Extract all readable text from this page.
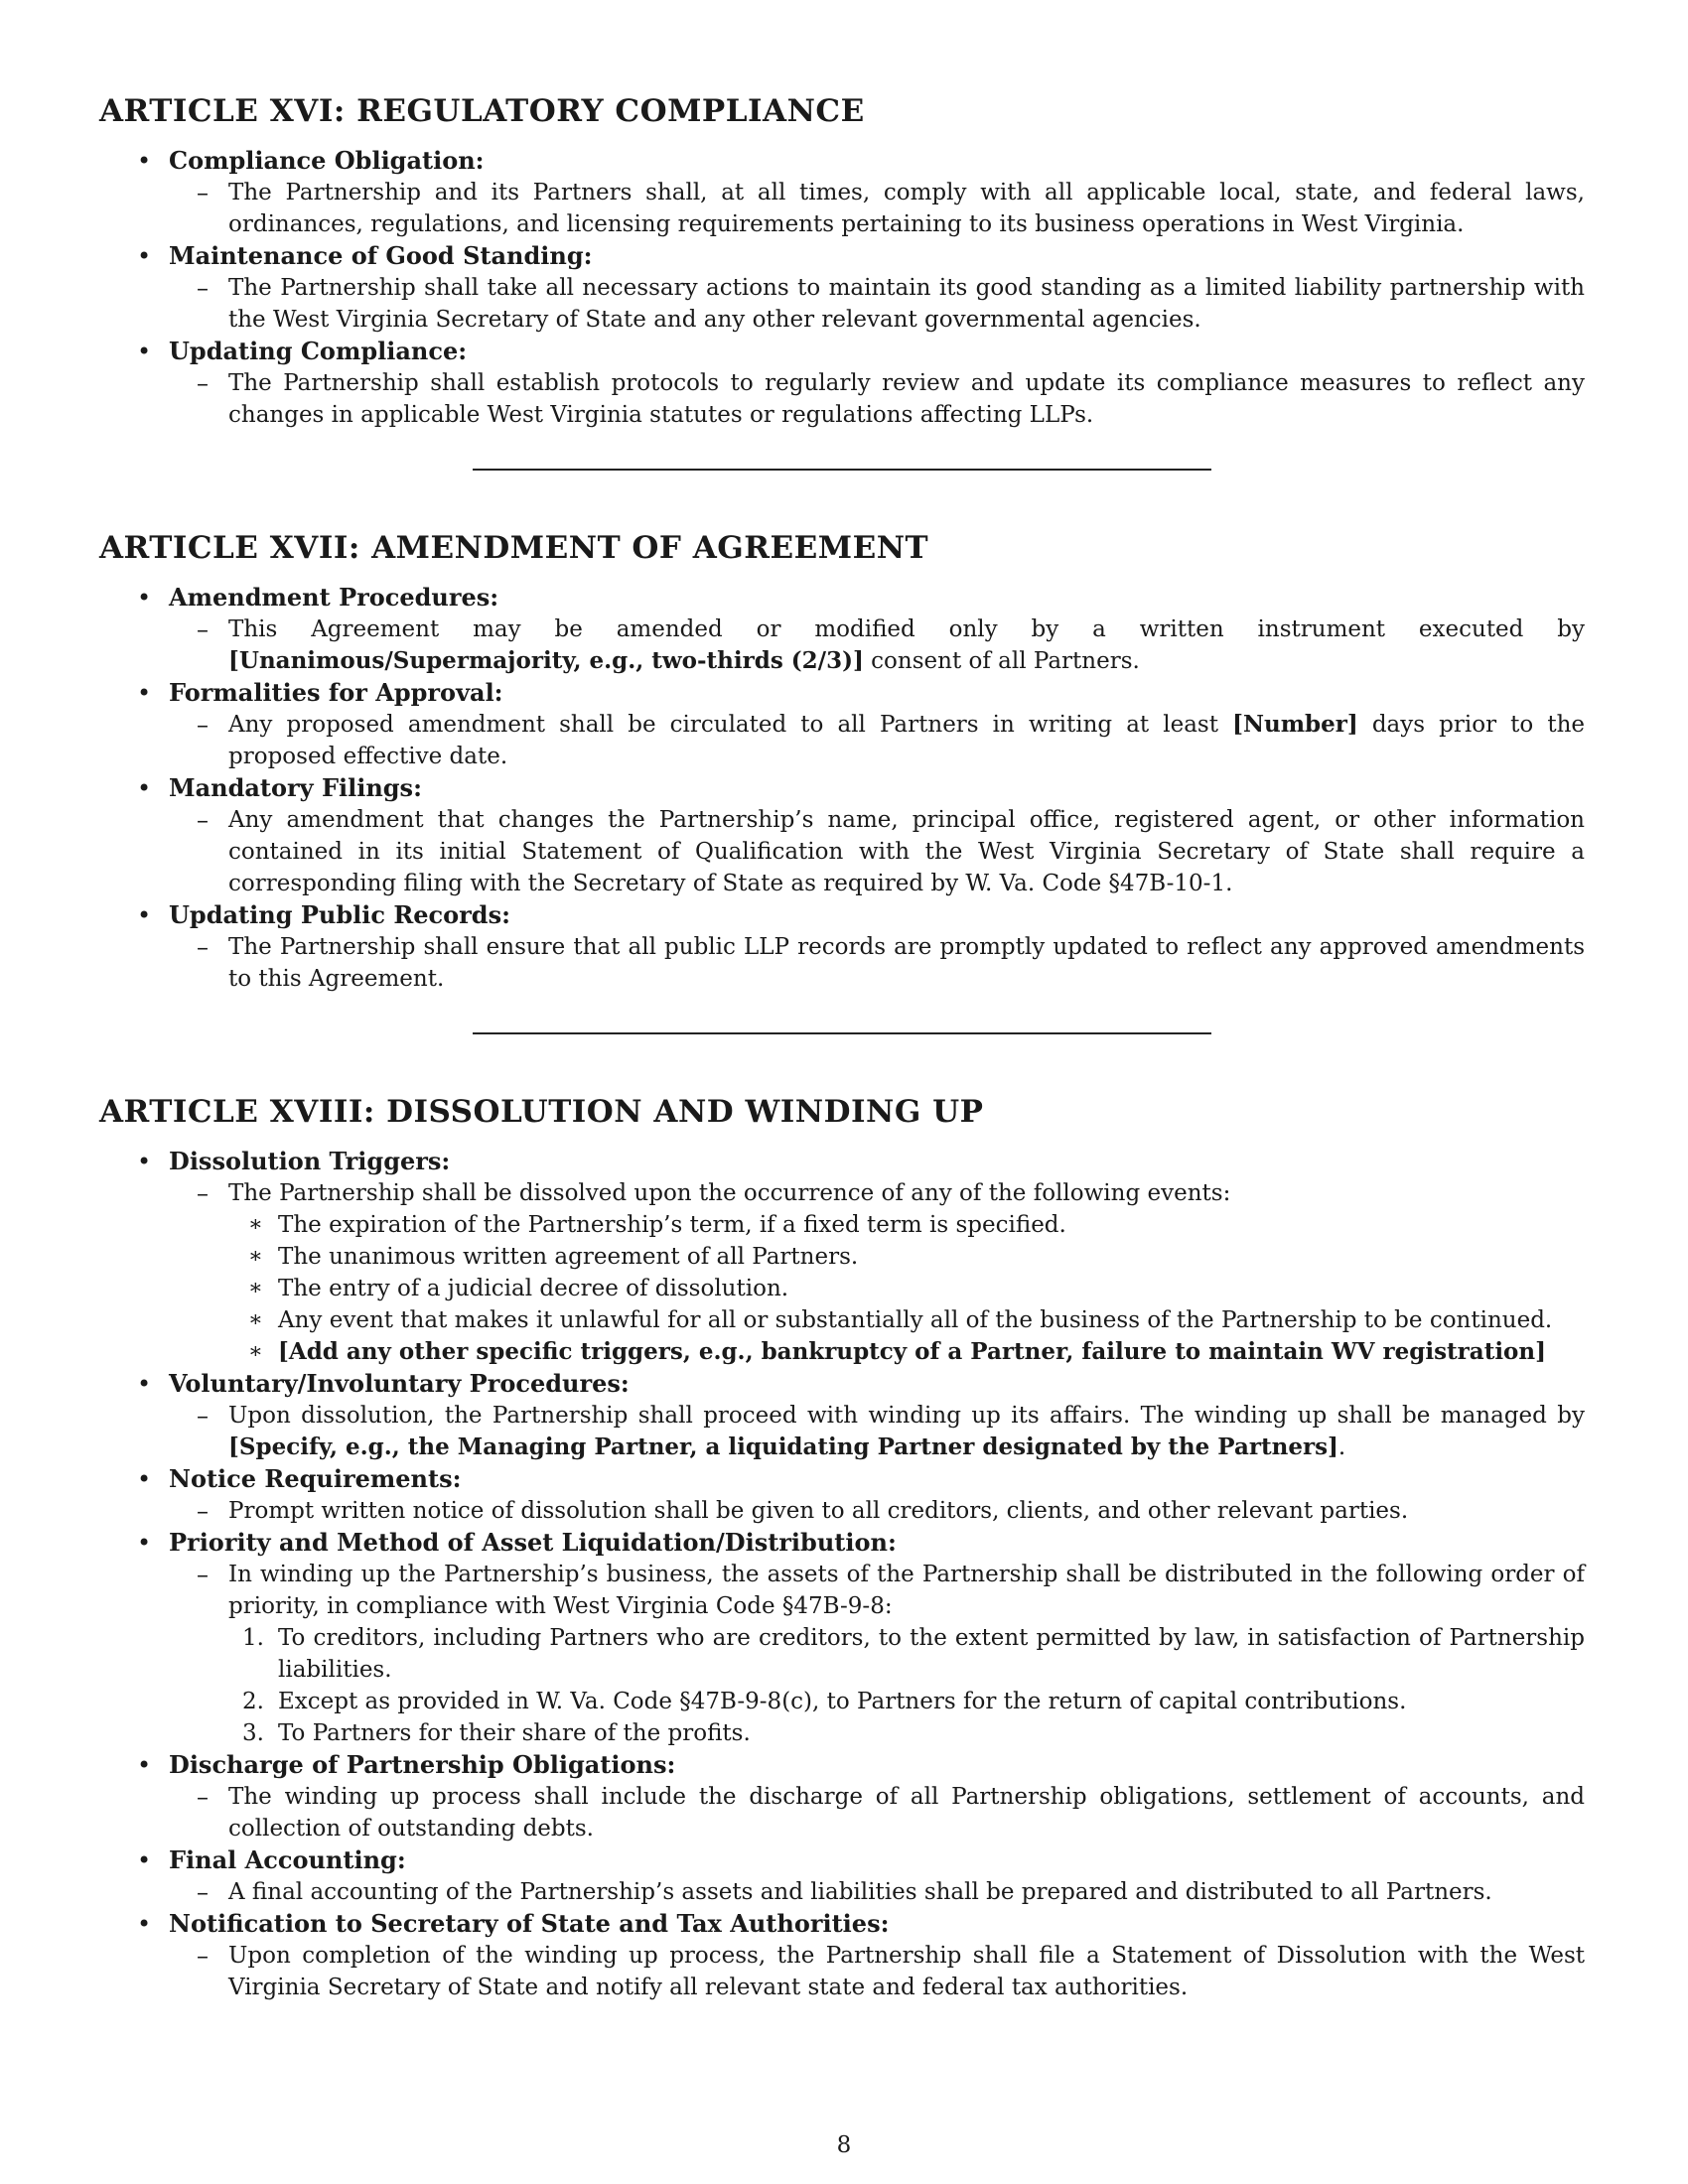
ARTICLE XVI: REGULATORY COMPLIANCE
• Compliance Obligation:
– The Partnership and its Partners shall, at all times, comply with all applicable local, state, and federal laws, ordinances, regulations, and licensing requirements pertaining to its business operations in West Virginia.
• Maintenance of Good Standing:
– The Partnership shall take all necessary actions to maintain its good standing as a limited liability partnership with the West Virginia Secretary of State and any other relevant governmental agencies.
• Updating Compliance:
– The Partnership shall establish protocols to regularly review and update its compliance measures to reflect any changes in applicable West Virginia statutes or regulations affecting LLPs.
ARTICLE XVII: AMENDMENT OF AGREEMENT
• Amendment Procedures:
– This Agreement may be amended or modified only by a written instrument executed by [Unanimous/Supermajority, e.g., two-thirds (2/3)] consent of all Partners.
• Formalities for Approval:
– Any proposed amendment shall be circulated to all Partners in writing at least [Number] days prior to the proposed effective date.
• Mandatory Filings:
– Any amendment that changes the Partnership’s name, principal office, registered agent, or other information contained in its initial Statement of Qualification with the West Virginia Secretary of State shall require a corresponding filing with the Secretary of State as required by W. Va. Code §47B-10-1.
• Updating Public Records:
– The Partnership shall ensure that all public LLP records are promptly updated to reflect any approved amendments to this Agreement.
ARTICLE XVIII: DISSOLUTION AND WINDING UP
• Dissolution Triggers:
– The Partnership shall be dissolved upon the occurrence of any of the following events:
∗ The expiration of the Partnership’s term, if a fixed term is specified.
∗ The unanimous written agreement of all Partners.
∗ The entry of a judicial decree of dissolution.
∗ Any event that makes it unlawful for all or substantially all of the business of the Partnership to be continued.
∗ [Add any other specific triggers, e.g., bankruptcy of a Partner, failure to maintain WV registration]
• Voluntary/Involuntary Procedures:
– Upon dissolution, the Partnership shall proceed with winding up its affairs. The winding up shall be managed by [Specify, e.g., the Managing Partner, a liquidating Partner designated by the Partners].
• Notice Requirements:
– Prompt written notice of dissolution shall be given to all creditors, clients, and other relevant parties.
• Priority and Method of Asset Liquidation/Distribution:
– In winding up the Partnership’s business, the assets of the Partnership shall be distributed in the following order of priority, in compliance with West Virginia Code §47B-9-8:
1. To creditors, including Partners who are creditors, to the extent permitted by law, in satisfaction of Partnership liabilities.
2. Except as provided in W. Va. Code §47B-9-8(c), to Partners for the return of capital contributions.
3. To Partners for their share of the profits.
• Discharge of Partnership Obligations:
– The winding up process shall include the discharge of all Partnership obligations, settlement of accounts, and collection of outstanding debts.
• Final Accounting:
– A final accounting of the Partnership’s assets and liabilities shall be prepared and distributed to all Partners.
• Notification to Secretary of State and Tax Authorities:
– Upon completion of the winding up process, the Partnership shall file a Statement of Dissolution with the West Virginia Secretary of State and notify all relevant state and federal tax authorities.
8
